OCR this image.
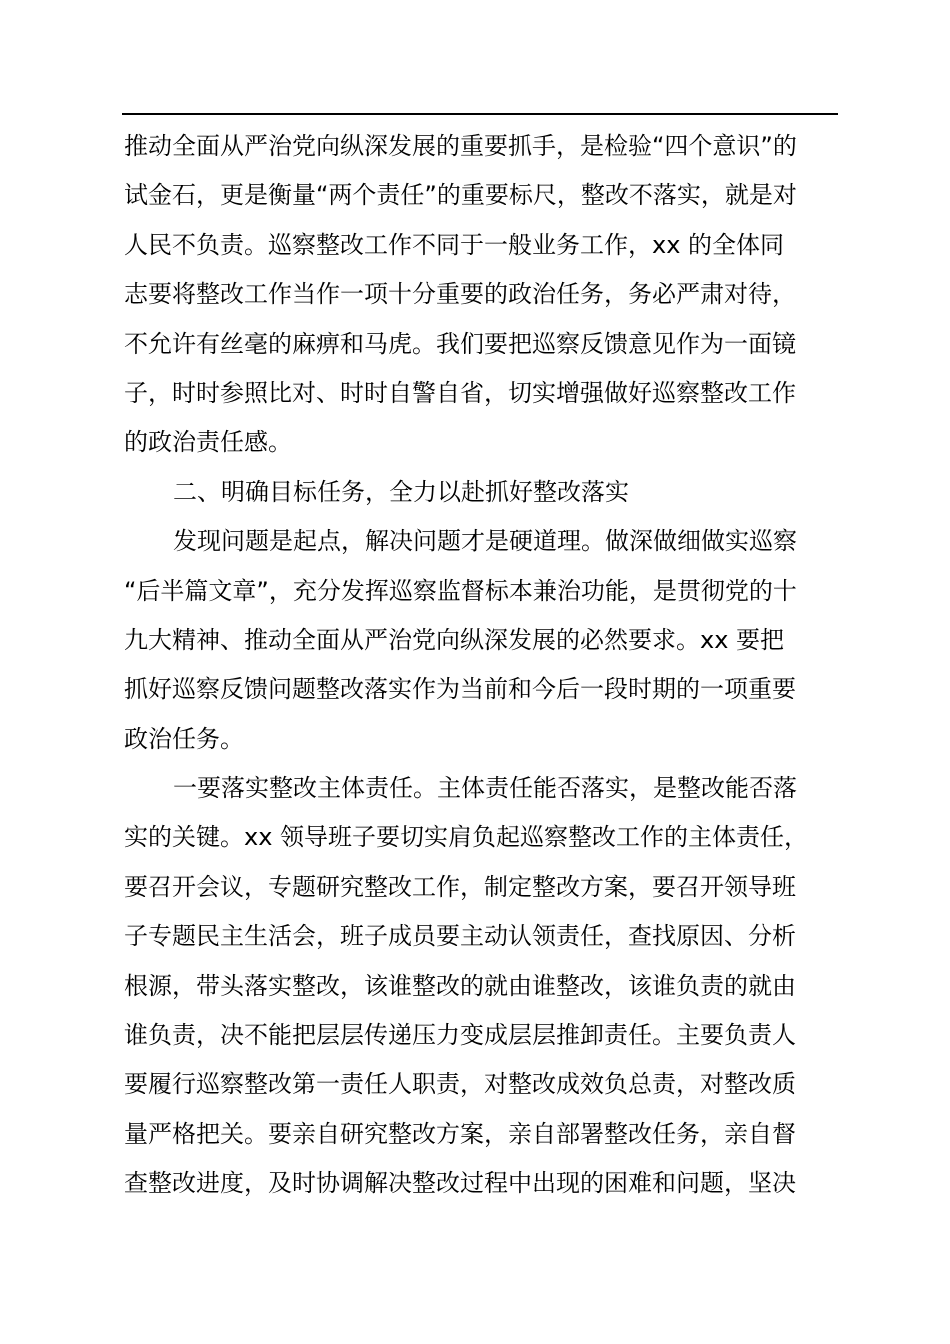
推动全面从严治党向纵深发展的重要抓手，是检验“四个意识”的
试金石，更是衡量“两个责任”的重要标尺，整改不落实，就是对
人民不负责。巡察整改工作不同于一般业务工作，xx 的全体同
志要将整改工作当作一项十分重要的政治任务，务必严肃对待，
不允许有丝毫的麻痹和马虎。我们要把巡察反馈意见作为一面镜
子，时时参照比对、时时自警自省，切实增强做好巡察整改工作
的政治责任感。
二、明确目标任务，全力以赴抓好整改落实
发现问题是起点，解决问题才是硬道理。做深做细做实巡察
“后半篇文章”，充分发挥巡察监督标本兼治功能，是贯彻党的十
九大精神、推动全面从严治党向纵深发展的必然要求。xx 要把
抓好巡察反馈问题整改落实作为当前和今后一段时期的一项重要
政治任务。
一要落实整改主体责任。主体责任能否落实，是整改能否落
实的关键。xx 领导班子要切实肩负起巡察整改工作的主体责任，
要召开会议，专题研究整改工作，制定整改方案，要召开领导班
子专题民主生活会，班子成员要主动认领责任，查找原因、分析
根源，带头落实整改，该谁整改的就由谁整改，该谁负责的就由
谁负责，决不能把层层传递压力变成层层推卸责任。主要负责人
要履行巡察整改第一责任人职责，对整改成效负总责，对整改质
量严格把关。要亲自研究整改方案，亲自部署整改任务，亲自督
查整改进度，及时协调解决整改过程中出现的困难和问题，坚决
